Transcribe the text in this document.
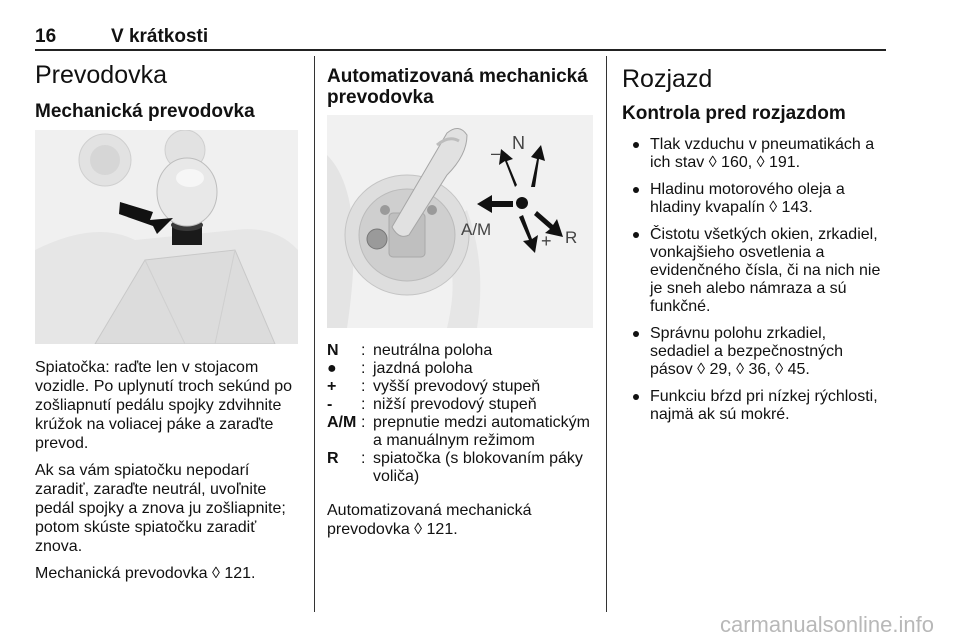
16	V krátkosti
Prevodovka
Mechanická prevodovka

Spiatočka: raďte len v stojacom vozidle. Po uplynutí troch sekúnd po zošliapnutí pedálu spojky zdvihnite krúžok na voliacej páke a zaraďte prevod.

Ak sa vám spiatočku nepodarí zaradiť, zaraďte neutrál, uvoľnite pedál spojky a znova ju zošliapnite; potom skúste spiatočku zaradiť znova.

Mechanická prevodovka ◊ 121.

Automatizovaná mechanická prevodovka
N
–
A/M
+ R
N	: neutrálna poloha
●	: jazdná poloha
+	: vyšší prevodový stupeň
-	: nižší prevodový stupeň
A/M : prepnutie medzi automatickým a manuálnym režimom
R	: spiatočka (s blokovaním páky voliča)

Automatizovaná mechanická prevodovka ◊ 121.

Rozjazd
Kontrola pred rozjazdom
Tlak vzduchu v pneumatikách a ich stav ◊ 160, ◊ 191.
Hladinu motorového oleja a hladiny kvapalín ◊ 143.
Čistotu všetkých okien, zrkadiel, vonkajšieho osvetlenia a evidenčného čísla, či na nich nie je sneh alebo námraza a sú funkčné.
Správnu polohu zrkadiel, sedadiel a bezpečnostných pásov ◊ 29, ◊ 36, ◊ 45.
Funkciu bŕzd pri nízkej rýchlosti, najmä ak sú mokré.
carmanualsonline.info
